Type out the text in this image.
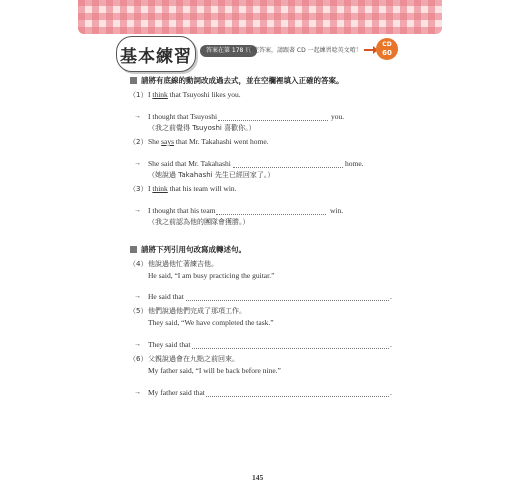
基本練習	答案在第 178 頁
對完答案，請跟著 CD 一起練習唸英文唷！
CD
60
請將有底線的動詞改成過去式，並在空欄裡填入正確的答案。
（1） I think that Tsuyoshi likes you.
→ I thought that Tsuyoshi	you.
（我之前覺得 Tsuyoshi 喜歡你。）
（2） She says that Mr. Takahashi went home.
→ She said that Mr. Takahashi	home.
（她說過 Takahashi 先生已經回家了。）
（3） I think that his team will win.
→ I thought that his team	win.
（我之前認為他的團隊會獲勝。）
請將下列引用句改寫成轉述句。
（4） 他說過他忙著練吉他。
He said, “I am busy practicing the guitar.”
→ He said that	.
（5） 他們說過他們完成了那項工作。
They said, “We have completed the task.”
→ They said that	.
（6） 父親說過會在九點之前回來。
My father said, “I will be back before nine.”
→ My father said that	.
145
